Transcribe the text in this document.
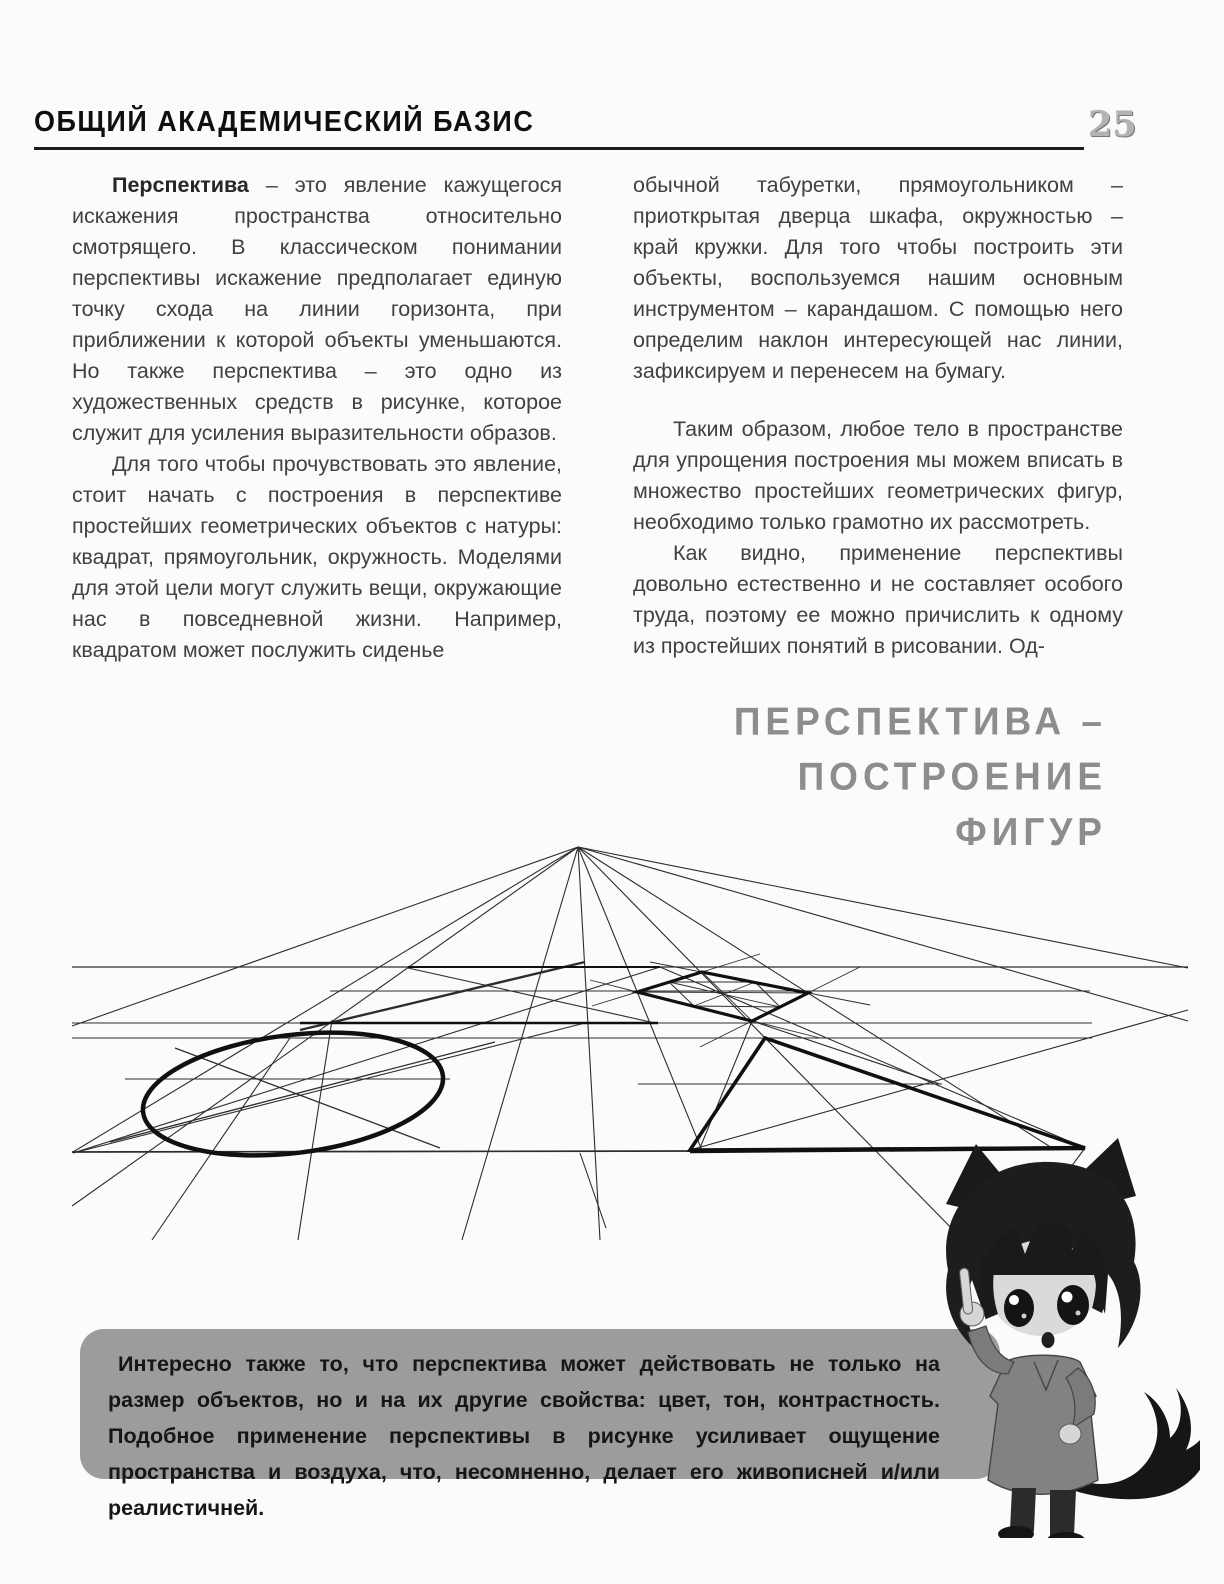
ОБЩИЙ АКАДЕМИЧЕСКИЙ БАЗИС	25

Перспектива – это явление кажущегося искажения пространства относительно смотрящего. В классическом понимании перспективы искажение предполагает единую точку схода на линии горизонта, при приближении к которой объекты уменьшаются. Но также перспектива – это одно из художественных средств в рисунке, которое служит для усиления выразительности образов.

Для того чтобы прочувствовать это явление, стоит начать с построения в перспективе простейших геометрических объектов с натуры: квадрат, прямоугольник, окружность. Моделями для этой цели могут служить вещи, окружающие нас в повседневной жизни. Например, квадратом может послужить сиденье

обычной табуретки, прямоугольником – приоткрытая дверца шкафа, окружностью – край кружки. Для того чтобы построить эти объекты, воспользуемся нашим основным инструментом – карандашом. С помощью него определим наклон интересующей нас линии, зафиксируем и перенесем на бумагу.

Таким образом, любое тело в пространстве для упрощения построения мы можем вписать в множество простейших геометрических фигур, необходимо только грамотно их рассмотреть.

Как видно, применение перспективы довольно естественно и не составляет особого труда, поэтому ее можно причислить к одному из простейших понятий в рисовании. Од-

ПЕРСПЕКТИВА –
ПОСТРОЕНИЕ
ФИГУР

Интересно также то, что перспектива может действовать не только на размер объектов, но и на их другие свойства: цвет, тон, контрастность. Подобное применение перспективы в рисунке усиливает ощущение пространства и воздуха, что, несомненно, делает его живописней и/или реалистичней.
